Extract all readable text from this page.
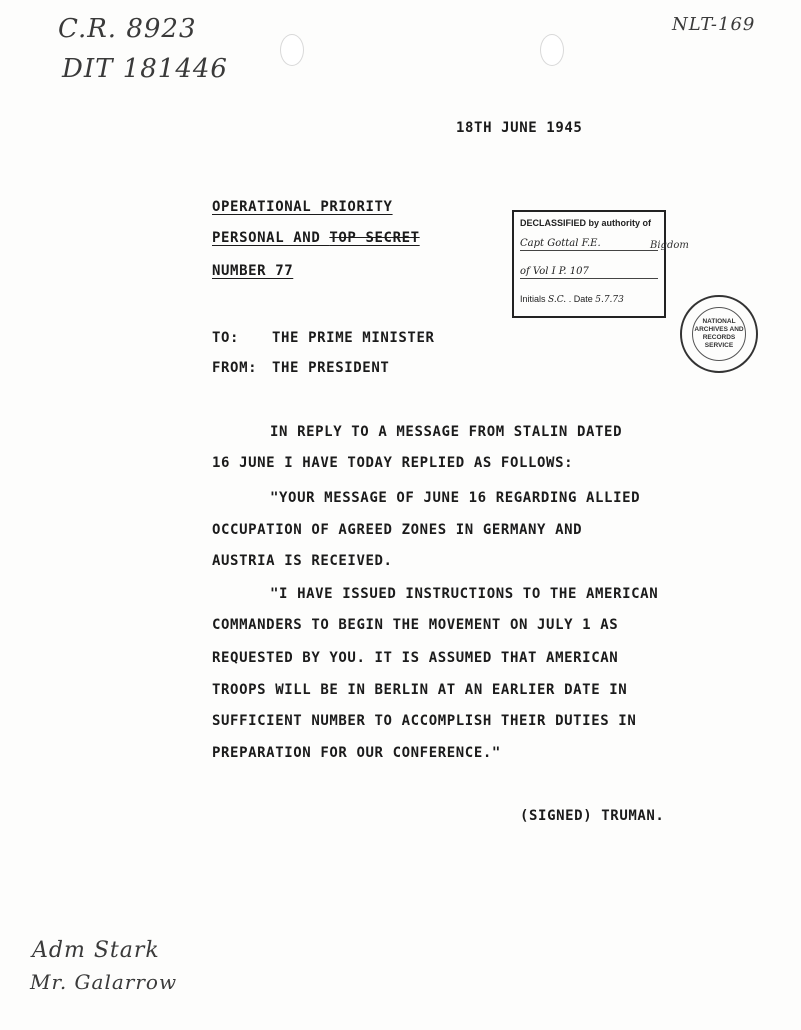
C.R. 8923
DIT 181446
NLT-169
18TH JUNE 1945
OPERATIONAL PRIORITY
PERSONAL AND TOP SECRET
NUMBER 77
DECLASSIFIED by authority of
Capt Gottal F.E.	Bigdom
of Vol I P. 107
Initials S.C. . Date 5.7.73
NATIONAL
ARCHIVES AND
RECORDS
SERVICE
TO: THE PRIME MINISTER
FROM: THE PRESIDENT
IN REPLY TO A MESSAGE FROM STALIN DATED
16 JUNE I HAVE TODAY REPLIED AS FOLLOWS:
"YOUR MESSAGE OF JUNE 16 REGARDING ALLIED
OCCUPATION OF AGREED ZONES IN GERMANY AND
AUSTRIA IS RECEIVED.
"I HAVE ISSUED INSTRUCTIONS TO THE AMERICAN
COMMANDERS TO BEGIN THE MOVEMENT ON JULY 1 AS
REQUESTED BY YOU. IT IS ASSUMED THAT AMERICAN
TROOPS WILL BE IN BERLIN AT AN EARLIER DATE IN
SUFFICIENT NUMBER TO ACCOMPLISH THEIR DUTIES IN
PREPARATION FOR OUR CONFERENCE."
(SIGNED) TRUMAN.
Adm Stark
Mr. Galarrow
